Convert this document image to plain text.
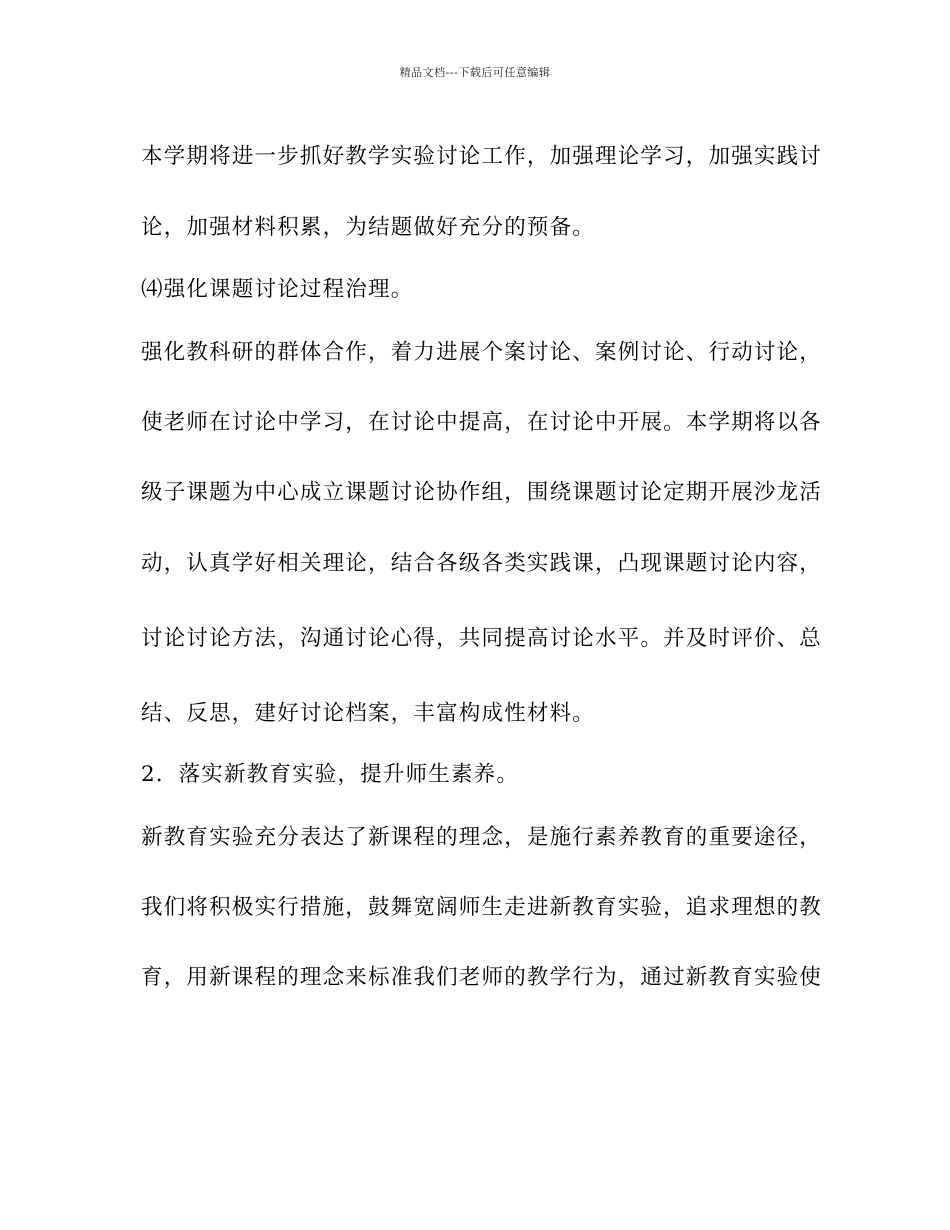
精品文档---下载后可任意编辑
本学期将进一步抓好教学实验讨论工作，加强理论学习，加强实践讨
论，加强材料积累，为结题做好充分的预备。
⑷强化课题讨论过程治理。
强化教科研的群体合作，着力进展个案讨论、案例讨论、行动讨论，
使老师在讨论中学习，在讨论中提高，在讨论中开展。本学期将以各
级子课题为中心成立课题讨论协作组，围绕课题讨论定期开展沙龙活
动，认真学好相关理论，结合各级各类实践课，凸现课题讨论内容，
讨论讨论方法，沟通讨论心得，共同提高讨论水平。并及时评价、总
结、反思，建好讨论档案，丰富构成性材料。
2．落实新教育实验，提升师生素养。
新教育实验充分表达了新课程的理念，是施行素养教育的重要途径，
我们将积极实行措施，鼓舞宽阔师生走进新教育实验，追求理想的教
育，用新课程的理念来标准我们老师的教学行为，通过新教育实验使
